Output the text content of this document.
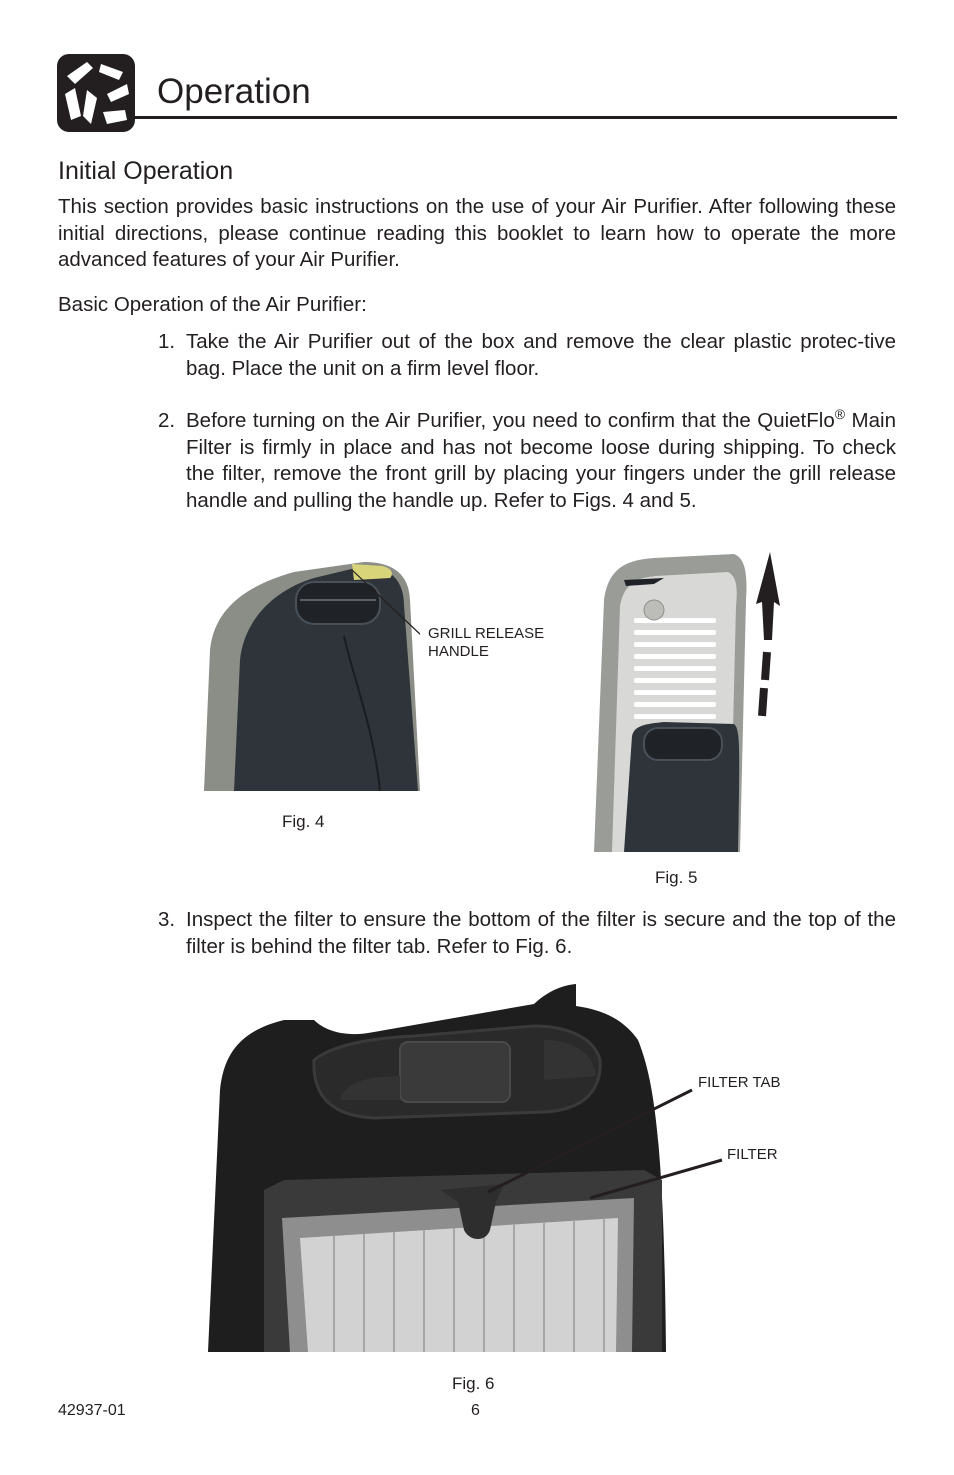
Operation
Initial Operation
This section provides basic instructions on the use of your Air Purifier. After following these initial directions, please continue reading this booklet to learn how to operate the more advanced features of your Air Purifier.
Basic Operation of the Air Purifier:
1. Take the Air Purifier out of the box and remove the clear plastic protec-tive bag. Place the unit on a firm level floor.
2. Before turning on the Air Purifier, you need to confirm that the QuietFlo® Main Filter is firmly in place and has not become loose during shipping. To check the filter, remove the front grill by placing your fingers under the grill release handle and pulling the handle up. Refer to Figs. 4 and 5.
GRILL RELEASE
HANDLE
Fig. 4
Fig. 5
3. Inspect the filter to ensure the bottom of the filter is secure and the top of the filter is behind the filter tab. Refer to Fig. 6.
FILTER TAB
FILTER
Fig. 6
42937-01	6
